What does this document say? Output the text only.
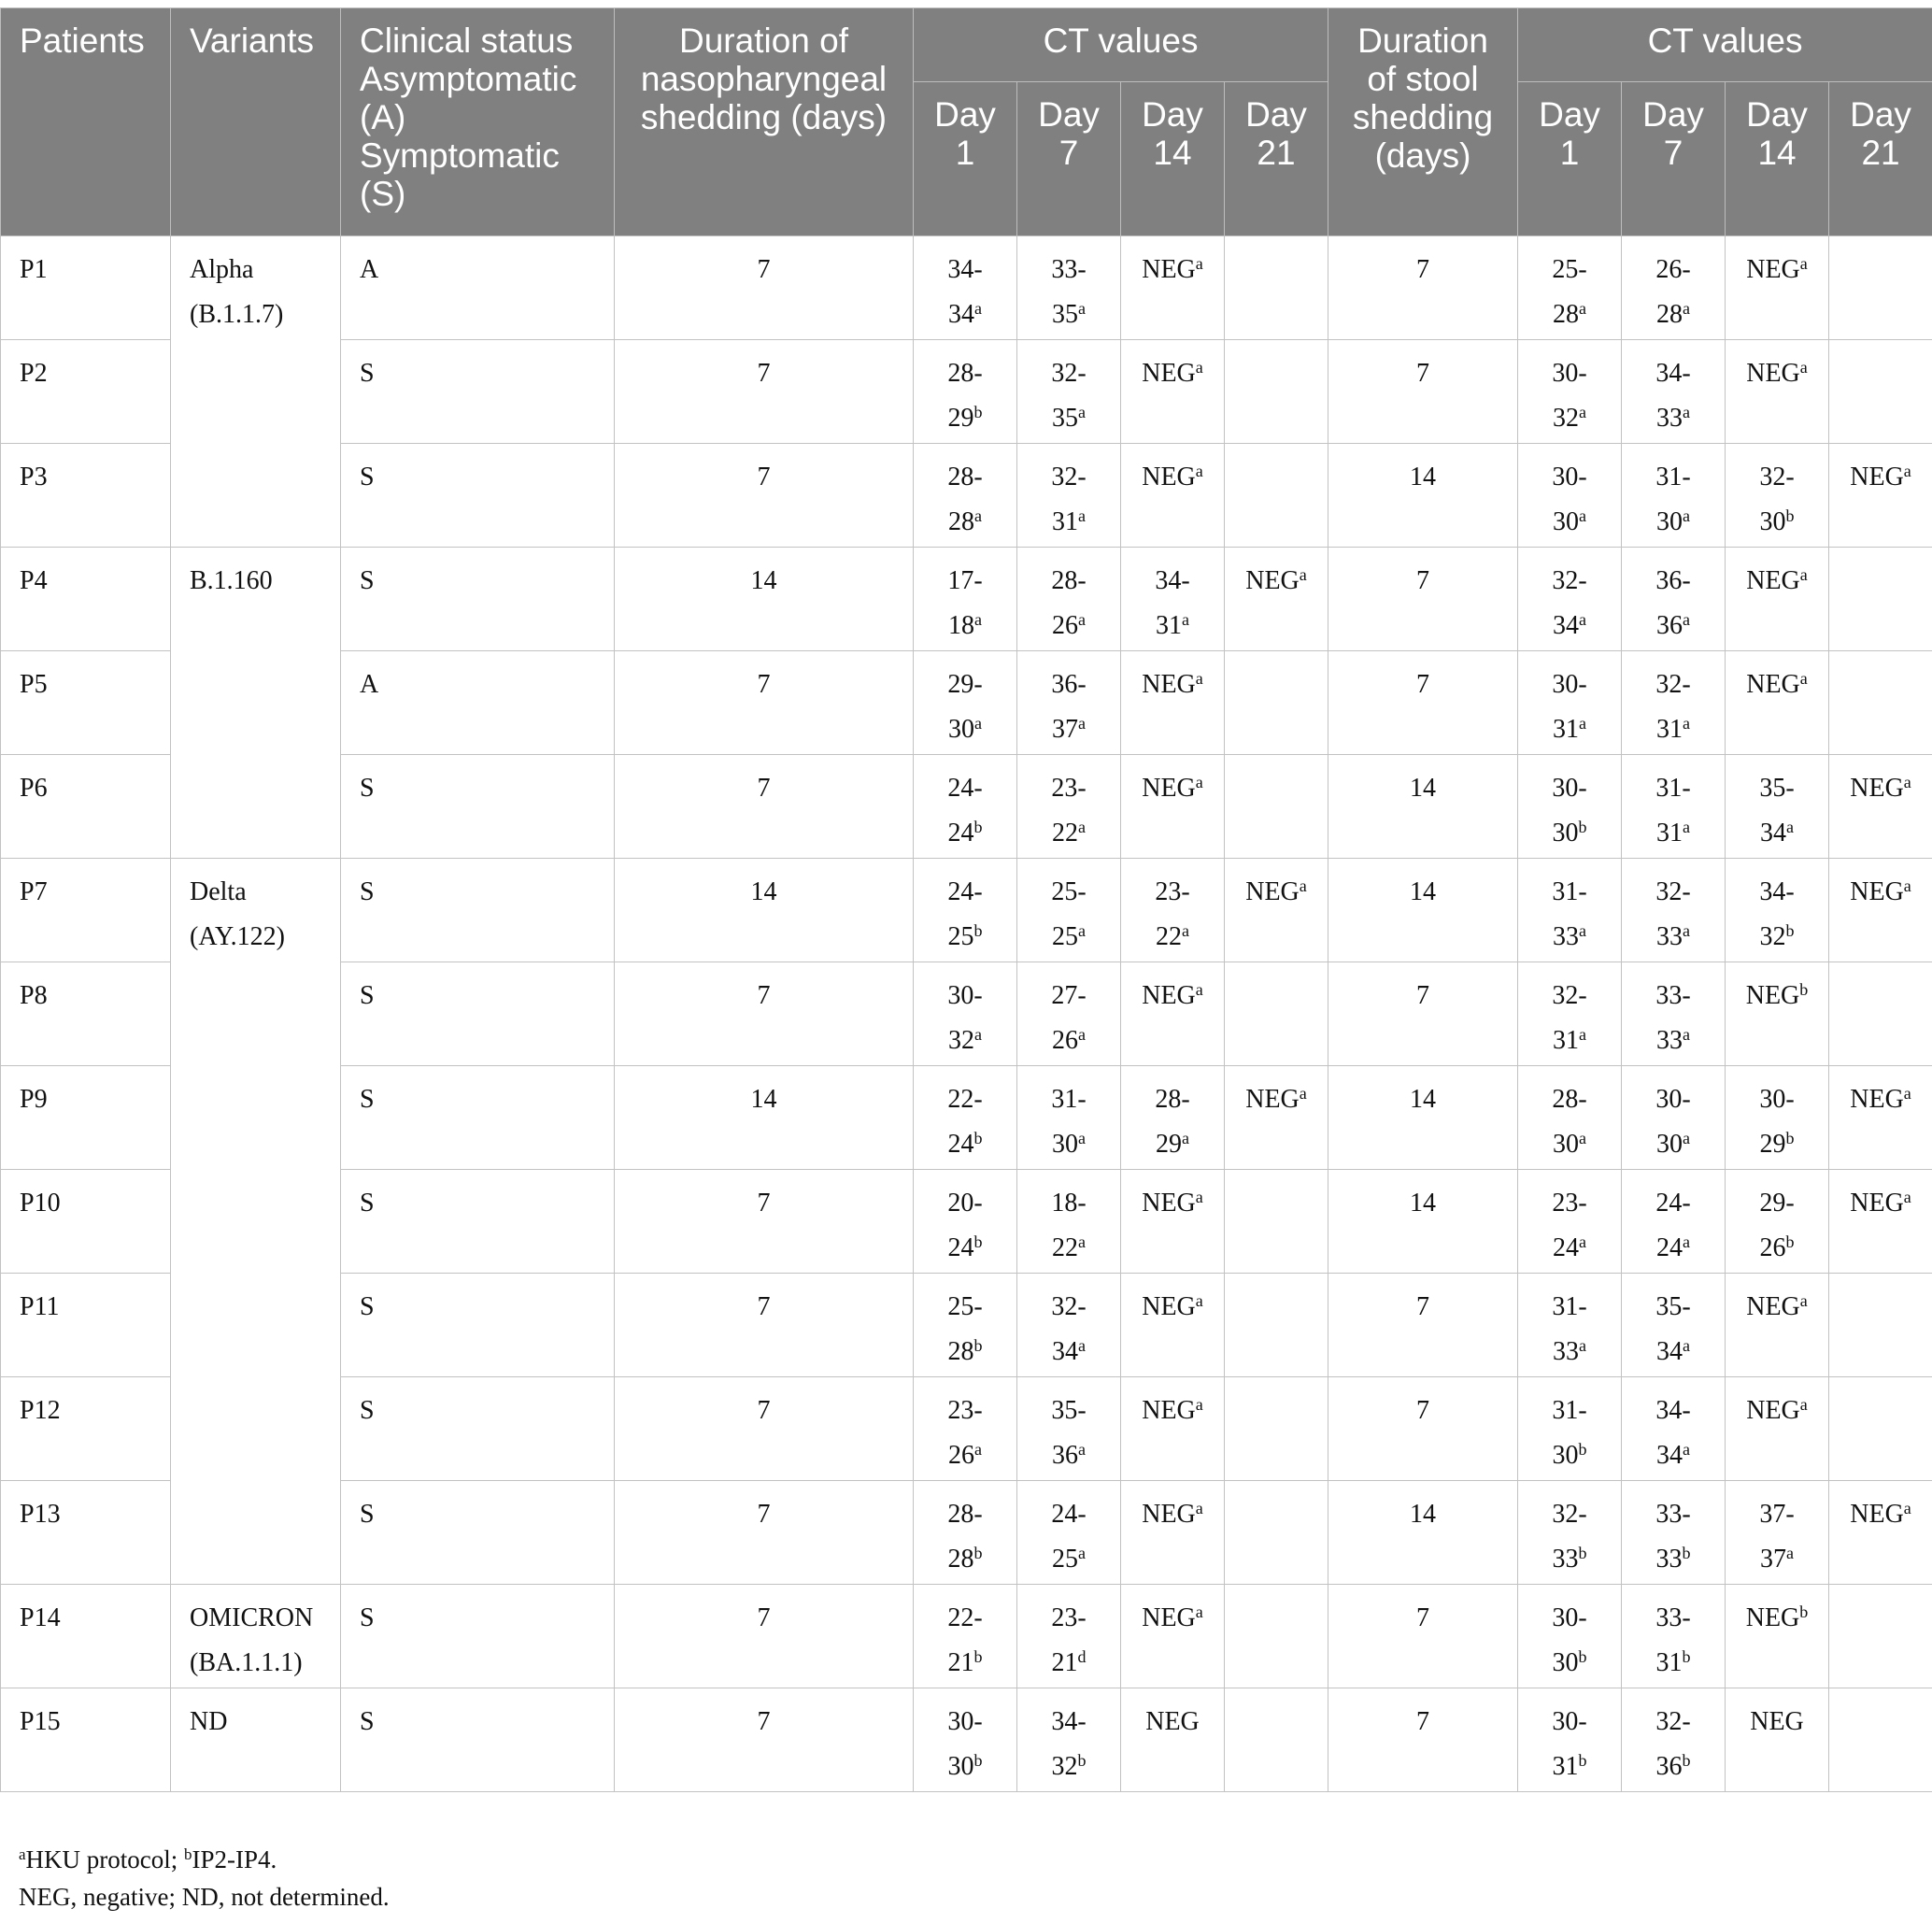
Patients	Variants	Clinical status
Asymptomatic
(A)
Symptomatic
(S)	Duration of
nasopharyngeal
shedding (days)	CT values				Duration
of stool
shedding
(days)	CT values			

				Day
1	Day
7	Day
14	Day
21		Day
1	Day
7	Day
14	Day
21

P1	Alpha
(B.1.1.7)	A	7	34-
34$^a$	33-
35$^a$	NEG$^a$		7	25-
28$^a$	26-
28$^a$	NEG$^a$	
P2		S	7	28-
29$^b$	32-
35$^a$	NEG$^a$		7	30-
32$^a$	34-
33$^a$	NEG$^a$	
P3		S	7	28-
28$^a$	32-
31$^a$	NEG$^a$		14	30-
30$^a$	31-
30$^a$	32-
30$^b$	NEG$^a$
P4	B.1.160	S	14	17-
18$^a$	28-
26$^a$	34-
31$^a$	NEG$^a$	7	32-
34$^a$	36-
36$^a$	NEG$^a$	
P5		A	7	29-
30$^a$	36-
37$^a$	NEG$^a$		7	30-
31$^a$	32-
31$^a$	NEG$^a$	
P6		S	7	24-
24$^b$	23-
22$^a$	NEG$^a$		14	30-
30$^b$	31-
31$^a$	35-
34$^a$	NEG$^a$
P7	Delta
(AY.122)	S	14	24-
25$^b$	25-
25$^a$	23-
22$^a$	NEG$^a$	14	31-
33$^a$	32-
33$^a$	34-
32$^b$	NEG$^a$
P8		S	7	30-
32$^a$	27-
26$^a$	NEG$^a$		7	32-
31$^a$	33-
33$^a$	NEG$^b$	
P9		S	14	22-
24$^b$	31-
30$^a$	28-
29$^a$	NEG$^a$	14	28-
30$^a$	30-
30$^a$	30-
29$^b$	NEG$^a$
P10		S	7	20-
24$^b$	18-
22$^a$	NEG$^a$		14	23-
24$^a$	24-
24$^a$	29-
26$^b$	NEG$^a$
P11		S	7	25-
28$^b$	32-
34$^a$	NEG$^a$		7	31-
33$^a$	35-
34$^a$	NEG$^a$	
P12		S	7	23-
26$^a$	35-
36$^a$	NEG$^a$		7	31-
30$^b$	34-
34$^a$	NEG$^a$	
P13		S	7	28-
28$^b$	24-
25$^a$	NEG$^a$		14	32-
33$^b$	33-
33$^b$	37-
37$^a$	NEG$^a$
P14	OMICRON
(BA.1.1.1)	S	7	22-
21$^b$	23-
21$^d$	NEG$^a$		7	30-
30$^b$	33-
31$^b$	NEG$^b$	
P15	ND	S	7	30-
30$^b$	34-
32$^b$	NEG		7	30-
31$^b$	32-
36$^b$	NEG	
$^a$HKU protocol; $^b$IP2-IP4.
NEG, negative; ND, not determined.
